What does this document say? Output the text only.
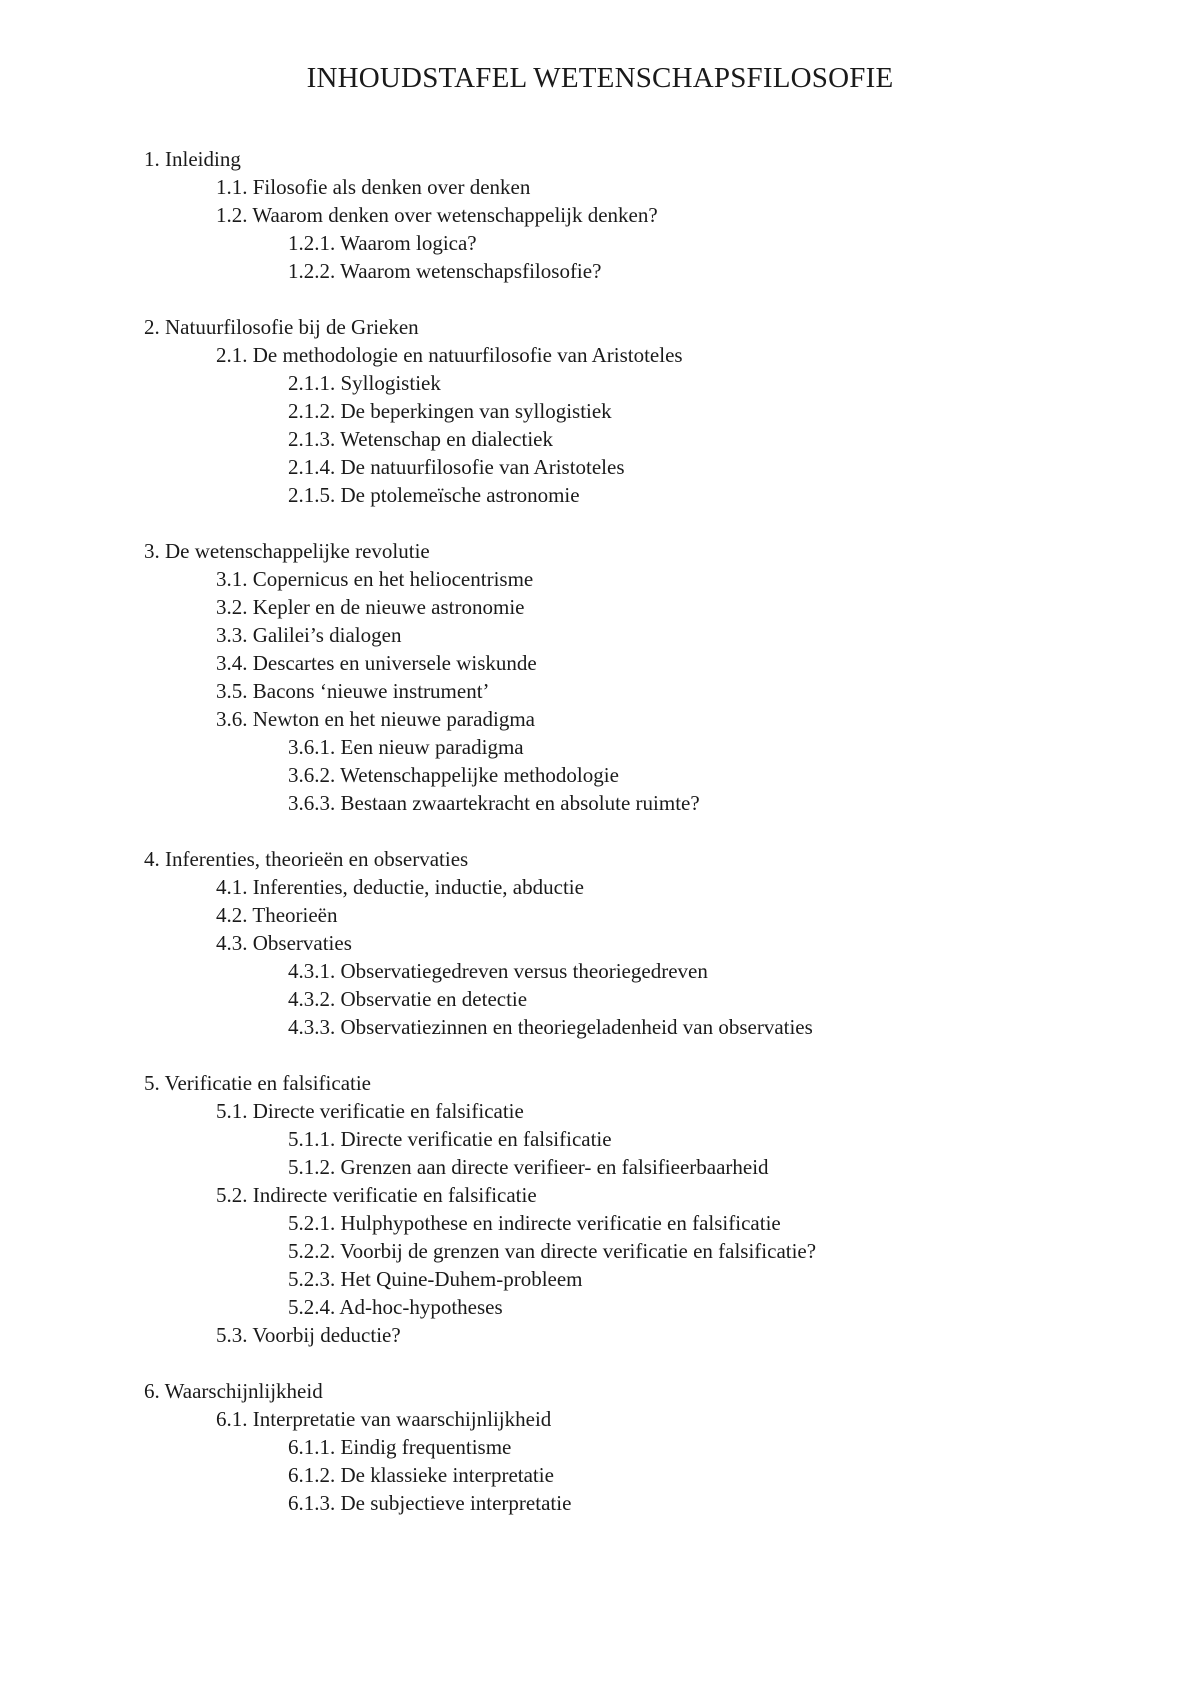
INHOUDSTAFEL WETENSCHAPSFILOSOFIE
1. Inleiding
1.1. Filosofie als denken over denken
1.2. Waarom denken over wetenschappelijk denken?
1.2.1. Waarom logica?
1.2.2. Waarom wetenschapsfilosofie?
2. Natuurfilosofie bij de Grieken
2.1. De methodologie en natuurfilosofie van Aristoteles
2.1.1. Syllogistiek
2.1.2. De beperkingen van syllogistiek
2.1.3. Wetenschap en dialectiek
2.1.4. De natuurfilosofie van Aristoteles
2.1.5. De ptolemeïsche astronomie
3. De wetenschappelijke revolutie
3.1. Copernicus en het heliocentrisme
3.2. Kepler en de nieuwe astronomie
3.3. Galilei’s dialogen
3.4. Descartes en universele wiskunde
3.5. Bacons ‘nieuwe instrument’
3.6. Newton en het nieuwe paradigma
3.6.1. Een nieuw paradigma
3.6.2. Wetenschappelijke methodologie
3.6.3. Bestaan zwaartekracht en absolute ruimte?
4. Inferenties, theorieën en observaties
4.1. Inferenties, deductie, inductie, abductie
4.2. Theorieën
4.3. Observaties
4.3.1. Observatiegedreven versus theoriegedreven
4.3.2. Observatie en detectie
4.3.3. Observatiezinnen en theoriegeladenheid van observaties
5. Verificatie en falsificatie
5.1. Directe verificatie en falsificatie
5.1.1. Directe verificatie en falsificatie
5.1.2. Grenzen aan directe verifieer- en falsifieerbaarheid
5.2. Indirecte verificatie en falsificatie
5.2.1. Hulphypothese en indirecte verificatie en falsificatie
5.2.2. Voorbij de grenzen van directe verificatie en falsificatie?
5.2.3. Het Quine-Duhem-probleem
5.2.4. Ad-hoc-hypotheses
5.3. Voorbij deductie?
6. Waarschijnlijkheid
6.1. Interpretatie van waarschijnlijkheid
6.1.1. Eindig frequentisme
6.1.2. De klassieke interpretatie
6.1.3. De subjectieve interpretatie
